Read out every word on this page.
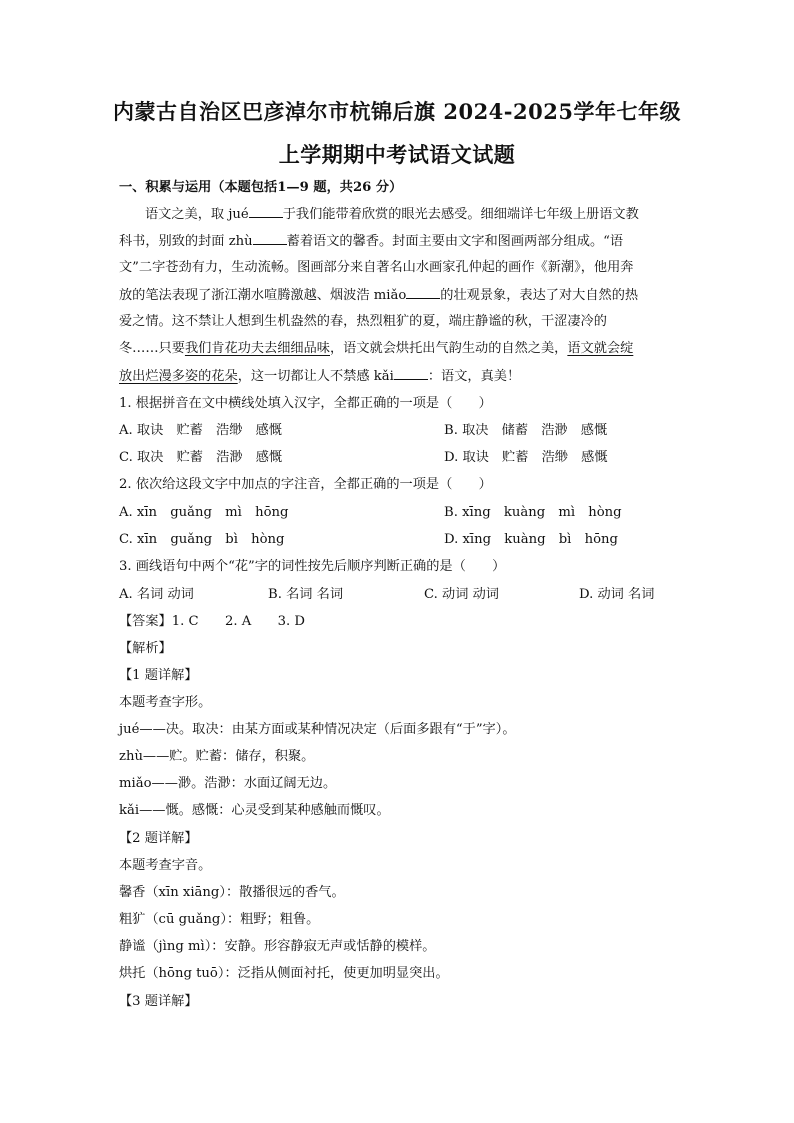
内蒙古自治区巴彦淖尔市杭锦后旗 2024-2025学年七年级
上学期期中考试语文试题
一、积累与运用（本题包括1—9 题，共26 分）
语文之美，取 jué	于我们能带着欣赏的眼光去感受。细细端详七年级上册语文教
科书，别致的封面 zhù	蓄着语文的馨香。封面主要由文字和图画两部分组成。“语
文”二字苍劲有力，生动流畅。图画部分来自著名山水画家孔仲起的画作《新潮》，他用奔
放的笔法表现了浙江潮水喧腾激越、烟波浩 miǎo	的壮观景象，表达了对大自然的热
爱之情。这不禁让人想到生机盎然的春，热烈粗犷的夏，端庄静谧的秋，干涩凄冷的
冬……只要我们肯花功夫去细细品味，语文就会烘托出气韵生动的自然之美，语文就会绽
放出烂漫多姿的花朵，这一切都让人不禁感 kǎi	：语文，真美！
1. 根据拼音在文中横线处填入汉字，全都正确的一项是（　　）
A. 取诀　贮蓄　浩缈　感慨	B. 取决　储蓄　浩渺　感慨
C. 取决　贮蓄　浩渺　感慨	D. 取诀　贮蓄　浩缈　感慨
2. 依次给这段文字中加点的字注音，全都正确的一项是（　　）
A. xīn　guǎng　mì　hōng	B. xīng　kuàng　mì　hòng
C. xīn　guǎng　bì　hòng	D. xīng　kuàng　bì　hōng
3. 画线语句中两个“花”字的词性按先后顺序判断正确的是（　　）
A. 名词 动词	B. 名词 名词	C. 动词 动词	D. 动词 名词
【答案】1. C　　2. A　　3. D
【解析】
【1 题详解】
本题考查字形。
jué——决。取决：由某方面或某种情况决定（后面多跟有“于”字）。
zhù——贮。贮蓄：储存，积聚。
miǎo——渺。浩渺：水面辽阔无边。
kǎi——慨。感慨：心灵受到某种感触而慨叹。
【2 题详解】
本题考查字音。
馨香（xīn xiāng）：散播很远的香气。
粗犷（cū guǎng）：粗野；粗鲁。
静谧（jìng mì）：安静。形容静寂无声或恬静的模样。
烘托（hōng tuō）：泛指从侧面衬托，使更加明显突出。
【3 题详解】
